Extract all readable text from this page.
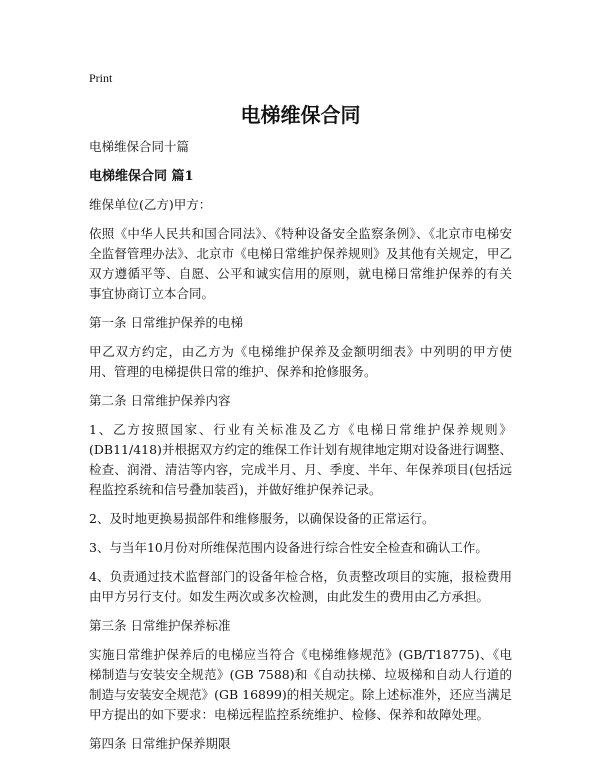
Print

电梯维保合同

电梯维保合同十篇

电梯维保合同 篇1

维保单位(乙方)甲方：

依照《中华人民共和国合同法》、《特种设备安全监察条例》、《北京市电梯安全监督管理办法》、北京市《电梯日常维护保养规则》及其他有关规定，甲乙双方遵循平等、自愿、公平和诚实信用的原则，就电梯日常维护保养的有关事宜协商订立本合同。

第一条 日常维护保养的电梯

甲乙双方约定，由乙方为《电梯维护保养及金额明细表》中列明的甲方使用、管理的电梯提供日常的维护、保养和抢修服务。

第二条 日常维护保养内容

1、乙方按照国家、行业有关标准及乙方《电梯日常维护保养规则》(DB11/418)并根据双方约定的维保工作计划有规律地定期对设备进行调整、检查、润滑、清洁等内容，完成半月、月、季度、半年、年保养项目(包括远程监控系统和信号叠加装舀)，并做好维护保养记录。

2、及时地更换易损部件和维修服务，以确保设备的正常运行。

3、与当年10月份对所维保范围内设备进行综合性安全检查和确认工作。

4、负责通过技术监督部门的设备年检合格，负责整改项目的实施，报检费用由甲方另行支付。如发生两次或多次检测，由此发生的费用由乙方承担。

第三条 日常维护保养标准

实施日常维护保养后的电梯应当符合《电梯维修规范》(GB/T18775)、《电梯制造与安装安全规范》(GB 7588)和《自动扶梯、垃圾梯和自动人行道的制造与安装安全规范》(GB 16899)的相关规定。除上述标准外，还应当满足甲方提出的如下要求：电梯远程监控系统维护、检修、保养和故障处理。

第四条 日常维护保养期限
